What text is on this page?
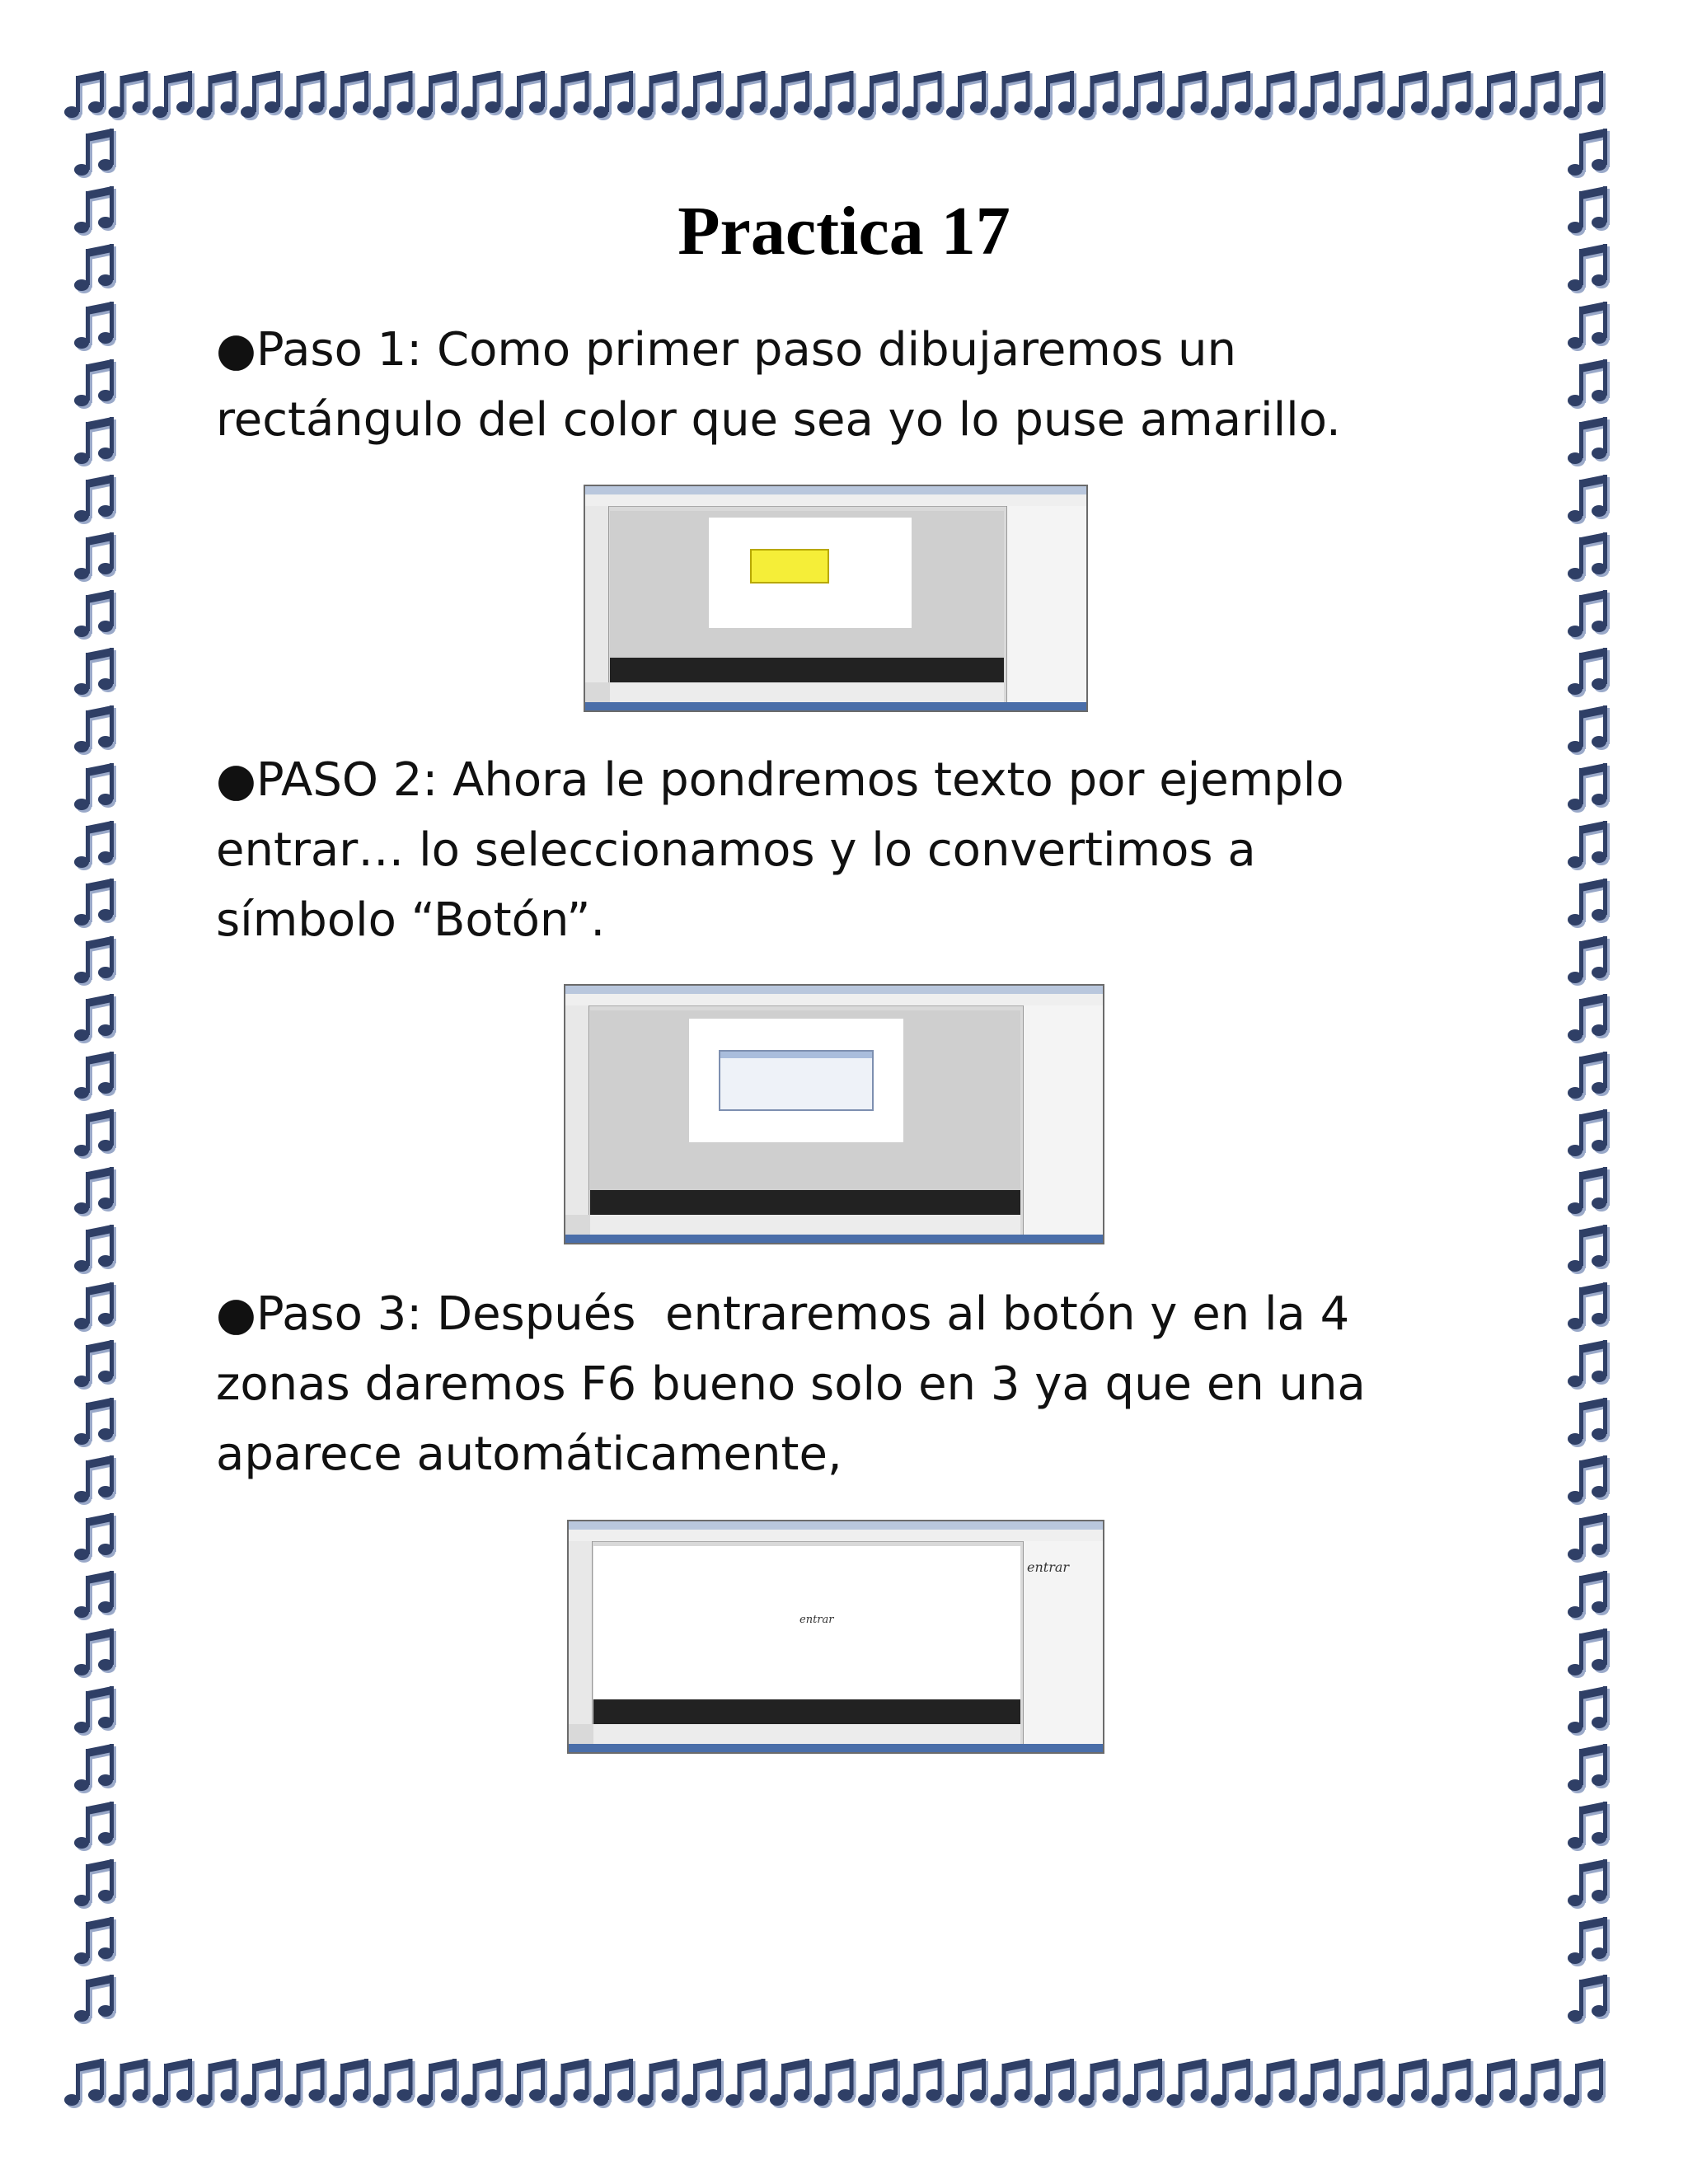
Practica 17
●Paso 1: Como primer paso dibujaremos un
rectángulo del color que sea yo lo puse amarillo.
●PASO 2: Ahora le pondremos texto por ejemplo
entrar… lo seleccionamos y lo convertimos a
símbolo “Botón”.
●Paso 3: Después  entraremos al botón y en la 4
zonas daremos F6 bueno solo en 3 ya que en una
aparece automáticamente,
entrar
entrar
